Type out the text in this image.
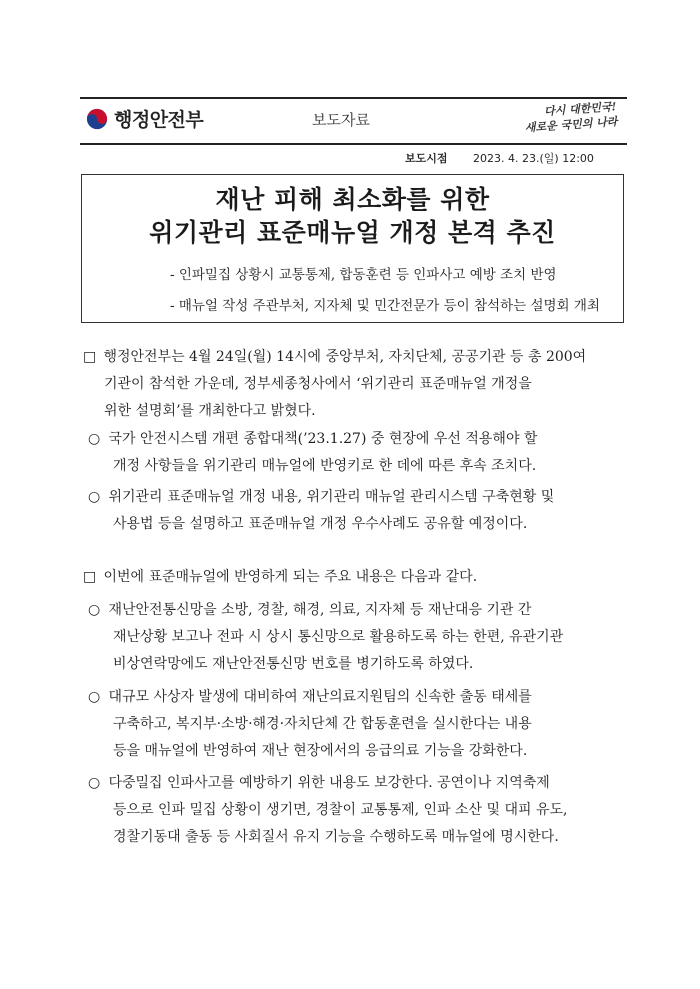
행정안전부	보도자료
다시 대한민국!
새로운 국민의 나라
보도시점 2023. 4. 23.(일) 12:00
재난 피해 최소화를 위한
위기관리 표준매뉴얼 개정 본격 추진
- 인파밀집 상황시 교통통제, 합동훈련 등 인파사고 예방 조치 반영
- 매뉴얼 작성 주관부처, 지자체 및 민간전문가 등이 참석하는 설명회 개최
□ 행정안전부는 4월 24일(월) 14시에 중앙부처, 자치단체, 공공기관 등 총 200여
기관이 참석한 가운데, 정부세종청사에서 ‘위기관리 표준매뉴얼 개정을
위한 설명회’를 개최한다고 밝혔다.
○ 국가 안전시스템 개편 종합대책(’23.1.27) 중 현장에 우선 적용해야 할
개정 사항들을 위기관리 매뉴얼에 반영키로 한 데에 따른 후속 조치다.
○ 위기관리 표준매뉴얼 개정 내용, 위기관리 매뉴얼 관리시스템 구축현황 및
사용법 등을 설명하고 표준매뉴얼 개정 우수사례도 공유할 예정이다.
□ 이번에 표준매뉴얼에 반영하게 되는 주요 내용은 다음과 같다.
○ 재난안전통신망을 소방, 경찰, 해경, 의료, 지자체 등 재난대응 기관 간
재난상황 보고나 전파 시 상시 통신망으로 활용하도록 하는 한편, 유관기관
비상연락망에도 재난안전통신망 번호를 병기하도록 하였다.
○ 대규모 사상자 발생에 대비하여 재난의료지원팀의 신속한 출동 태세를
구축하고, 복지부·소방·해경·자치단체 간 합동훈련을 실시한다는 내용
등을 매뉴얼에 반영하여 재난 현장에서의 응급의료 기능을 강화한다.
○ 다중밀집 인파사고를 예방하기 위한 내용도 보강한다. 공연이나 지역축제
등으로 인파 밀집 상황이 생기면, 경찰이 교통통제, 인파 소산 및 대피 유도,
경찰기동대 출동 등 사회질서 유지 기능을 수행하도록 매뉴얼에 명시한다.
